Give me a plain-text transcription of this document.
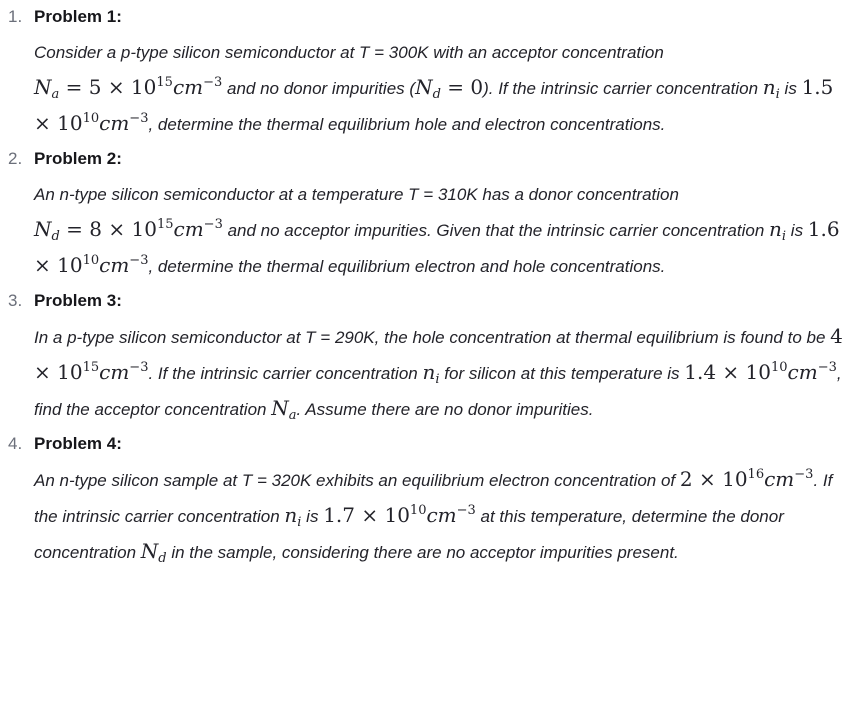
1. Problem 1:
Consider a p-type silicon semiconductor at T = 300K with an acceptor concentration
$N_a = 5 \times 10^{15}cm^{-3}$ and no donor impurities $(N_d = 0)$. If the intrinsic carrier concentration $n_i$ is $1.5 \times 10^{10}cm^{-3}$, determine the thermal equilibrium hole and electron concentrations.
2. Problem 2:
An n-type silicon semiconductor at a temperature T = 310K has a donor concentration
$N_d = 8 \times 10^{15}cm^{-3}$ and no acceptor impurities. Given that the intrinsic carrier concentration $n_i$ is $1.6 \times 10^{10}cm^{-3}$, determine the thermal equilibrium electron and hole concentrations.
3. Problem 3:
In a p-type silicon semiconductor at T = 290K, the hole concentration at thermal equilibrium is found to be $4 \times 10^{15}cm^{-3}$. If the intrinsic carrier concentration $n_i$ for silicon at this temperature is $1.4 \times 10^{10}cm^{-3}$, find the acceptor concentration $N_a$. Assume there are no donor impurities.
4. Problem 4:
An n-type silicon sample at T = 320K exhibits an equilibrium electron concentration of $2 \times 10^{16}cm^{-3}$. If the intrinsic carrier concentration $n_i$ is $1.7 \times 10^{10}cm^{-3}$ at this temperature, determine the donor concentration $N_d$ in the sample, considering there are no acceptor impurities present.
